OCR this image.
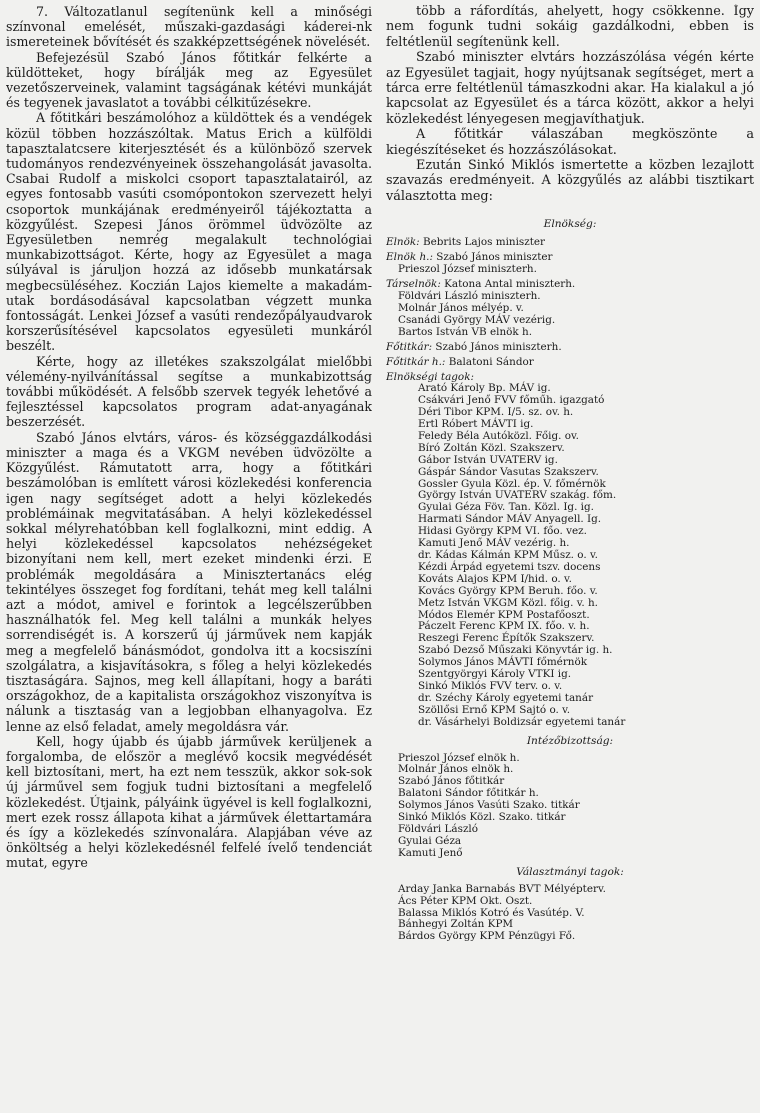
7. Változatlanul segítenünk kell a minőségi színvonal emelését, műszaki-gazdasági káderei-nk ismereteinek bővítését és szakképzettségének növelését.

Befejezésül Szabó János főtitkár felkérte a küldötteket, hogy bírálják meg az Egyesület vezetőszerveinek, valamint tagságának kétévi munkáját és tegyenek javaslatot a további célkitűzésekre.

A főtitkári beszámolóhoz a küldöttek és a vendégek közül többen hozzászóltak. Matus Erich a külföldi tapasztalatcsere kiterjesztését és a különböző szervek tudományos rendezvényeinek összehangolását javasolta. Csabai Rudolf a miskolci csoport tapasztalatairól, az egyes fontosabb vasúti csomópontokon szervezett helyi csoportok munkájának eredményeiről tájékoztatta a közgyűlést. Szepesi János örömmel üdvözölte az Egyesületben nemrég megalakult technológiai munkabizottságot. Kérte, hogy az Egyesület a maga súlyával is járuljon hozzá az idősebb munkatársak megbecsüléséhez. Koczián Lajos kiemelte a makadám-utak bordásodásával kapcsolatban végzett munka fontosságát. Lenkei József a vasúti rendezőpályaudvarok korszerűsítésével kapcsolatos egyesületi munkáról beszélt.

Kérte, hogy az illetékes szakszolgálat mielőbbi vélemény-nyilvánítással segítse a munkabizottság további működését. A felsőbb szervek tegyék lehetővé a fejlesztéssel kapcsolatos program adat-anyagának beszerzését.

Szabó János elvtárs, város- és községgazdálkodási miniszter a maga és a VKGM nevében üdvözölte a Közgyűlést. Rámutatott arra, hogy a főtitkári beszámolóban is említett városi közlekedési konferencia igen nagy segítséget adott a helyi közlekedés problémáinak megvitatásában. A helyi közlekedéssel sokkal mélyrehatóbban kell foglalkozni, mint eddig. A helyi közlekedéssel kapcsolatos nehézségeket bizonyítani nem kell, mert ezeket mindenki érzi. E problémák megoldására a Minisztertanács elég tekintélyes összeget fog fordítani, tehát meg kell találni azt a módot, amivel e forintok a legcélszerűbben használhatók fel. Meg kell találni a munkák helyes sorrendiségét is. A korszerű új járművek nem kapják meg a megfelelő bánásmódot, gondolva itt a kocsiszíni szolgálatra, a kisjavításokra, s főleg a helyi közlekedés tisztaságára. Sajnos, meg kell állapítani, hogy a baráti országokhoz, de a kapitalista országokhoz viszonyítva is nálunk a tisztaság van a legjobban elhanyagolva. Ez lenne az első feladat, amely megoldásra vár.

Kell, hogy újabb és újabb járművek kerüljenek a forgalomba, de először a meglévő kocsik megvédését kell biztosítani, mert, ha ezt nem tesszük, akkor sok-sok új járművel sem fogjuk tudni biztosítani a megfelelő közlekedést. Útjaink, pályáink ügyével is kell foglalkozni, mert ezek rossz állapota kihat a járművek élettartamára és így a közlekedés színvonalára. Alapjában véve az önköltség a helyi közlekedésnél felfelé ívelő tendenciát mutat, egyre

több a ráfordítás, ahelyett, hogy csökkenne. Így nem fogunk tudni sokáig gazdálkodni, ebben is feltétlenül segítenünk kell.

Szabó miniszter elvtárs hozzászólása végén kérte az Egyesület tagjait, hogy nyújtsanak segítséget, mert a tárca erre feltétlenül támaszkodni akar. Ha kialakul a jó kapcsolat az Egyesület és a tárca között, akkor a helyi közlekedést lényegesen megjavíthatjuk.

A főtitkár válaszában megköszönte a kiegészítéseket és hozzászólásokat.

Ezután Sinkó Miklós ismertette a közben lezajlott szavazás eredményeit. A közgyűlés az alábbi tisztikart választotta meg:

Elnökség:
Elnök: Bebrits Lajos miniszter
Elnök h.: Szabó János miniszter
Prieszol József miniszterh.
Társelnök: Katona Antal miniszterh.
Földvári László miniszterh.
Molnár János mélyép. v.
Csanádi György MÁV vezérig.
Bartos István VB elnök h.
Főtitkár: Szabó János miniszterh.
Főtitkár h.: Balatoni Sándor
Elnökségi tagok:
Arató Károly Bp. MÁV ig.
Csákvári Jenő FVV főműh. igazgató
Déri Tibor KPM. I/5. sz. ov. h.
Ertl Róbert MÁVTI ig.
Feledy Béla Autóközl. Főig. ov.
Bíró Zoltán Közl. Szakszerv.
Gábor István UVATERV ig.
Gáspár Sándor Vasutas Szakszerv.
Gossler Gyula Közl. ép. V. főmérnök
György István UVATERV szakág. főm.
Gyulai Géza Föv. Tan. Közl. Ig. ig.
Harmati Sándor MÁV Anyagell. Ig.
Hidasi György KPM VI. főo. vez.
Kamuti Jenő MÁV vezérig. h.
dr. Kádas Kálmán KPM Műsz. o. v.
Kézdi Árpád egyetemi tszv. docens
Kováts Alajos KPM I/hid. o. v.
Kovács György KPM Beruh. főo. v.
Metz István VKGM Közl. főig. v. h.
Módos Elemér KPM Postafőoszt.
Páczelt Ferenc KPM IX. főo. v. h.
Reszegi Ferenc Építők Szakszerv.
Szabó Dezső Műszaki Könyvtár ig. h.
Solymos János MÁVTI főmérnök
Szentgyörgyi Károly VTKI ig.
Sinkó Miklós FVV terv. o. v.
dr. Széchy Károly egyetemi tanár
Szöllősi Ernő KPM Sajtó o. v.
dr. Vásárhelyi Boldizsár egyetemi tanár
Intézőbizottság:
Prieszol József elnök h.
Molnár János elnök h.
Szabó János főtitkár
Balatoni Sándor főtitkár h.
Solymos János Vasúti Szako. titkár
Sinkó Miklós Közl. Szako. titkár
Földvári László
Gyulai Géza
Kamuti Jenő
Választmányi tagok:
Arday Janka Barnabás BVT Mélyépterv.
Ács Péter KPM Okt. Oszt.
Balassa Miklós Kotró és Vasútép. V.
Bánhegyi Zoltán KPM
Bárdos György KPM Pénzügyi Fő.
